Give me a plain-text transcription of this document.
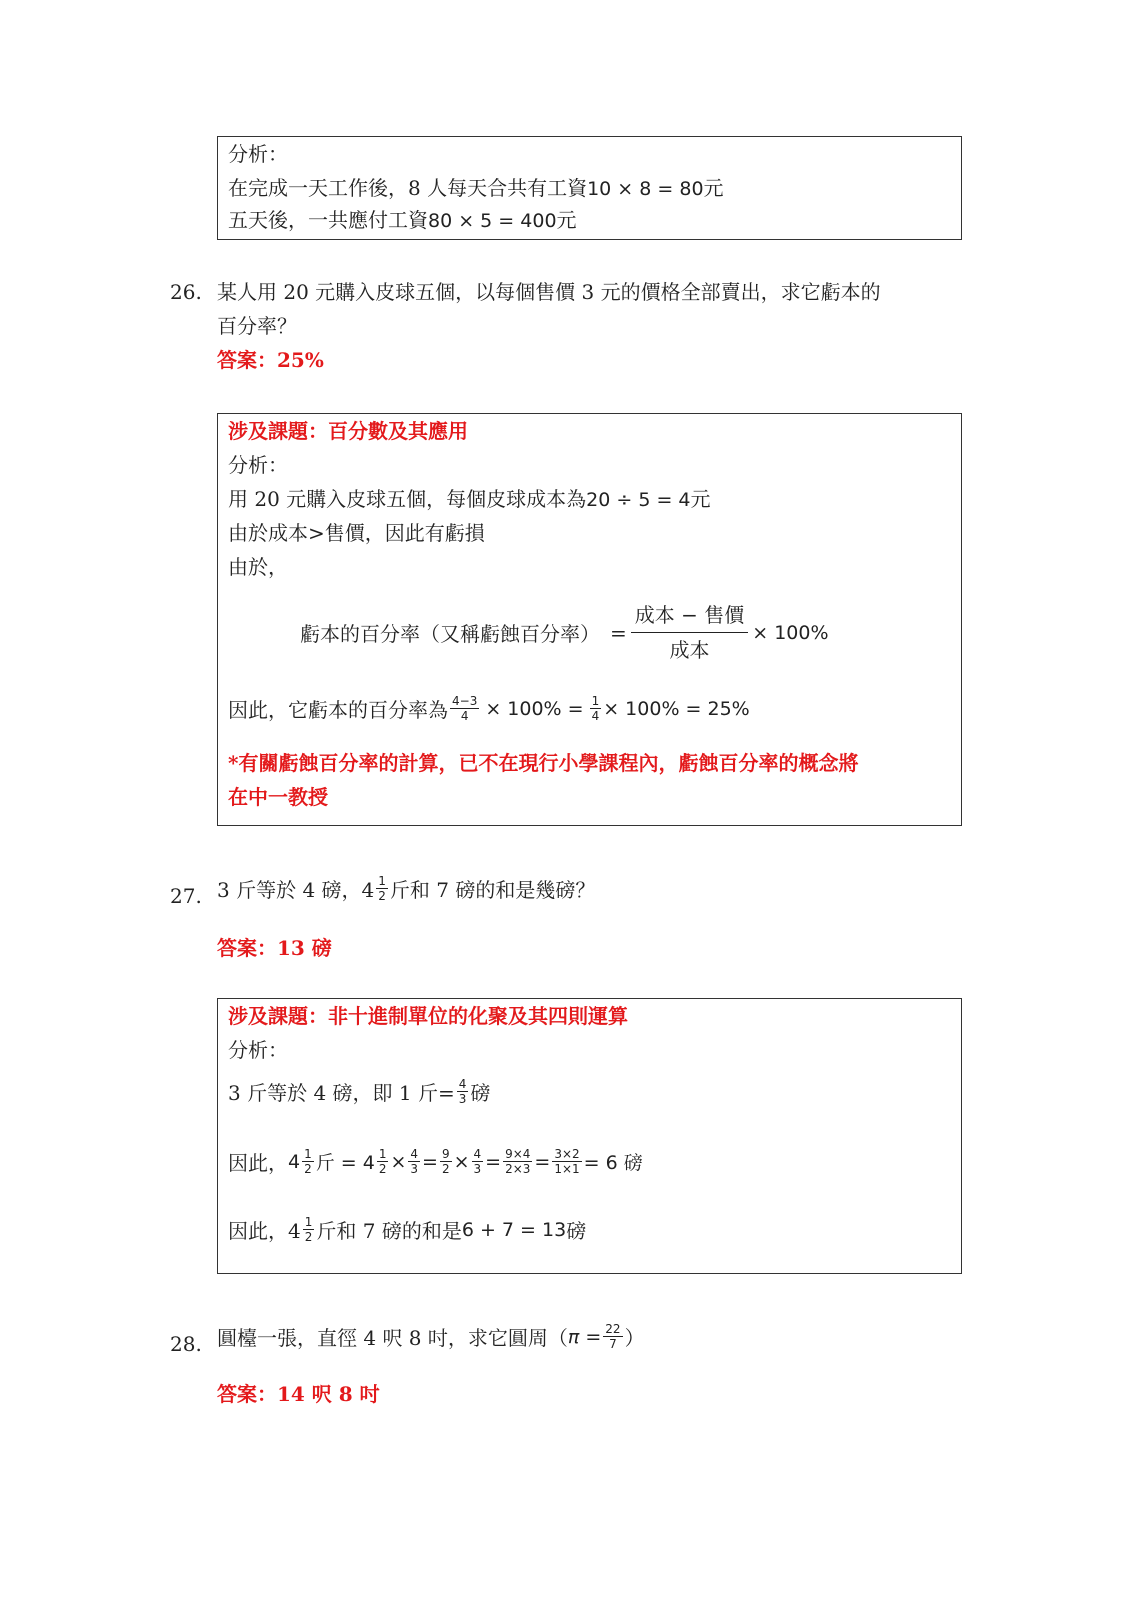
分析：
在完成一天工作後，8 人每天合共有工資10 × 8 = 80元
五天後，一共應付工資80 × 5 = 400元
26. 某人用 20 元購入皮球五個，以每個售價 3 元的價格全部賣出，求它虧本的
百分率？
答案：25%
涉及課題：百分數及其應用
分析：
用 20 元購入皮球五個，每個皮球成本為20 ÷ 5 = 4元
由於成本>售價，因此有虧損
由於，
虧本的百分率（又稱虧蝕百分率） =
成本 − 售價
成本
× 100%
因此，它虧本的百分率為 $\frac{4-3}{4} \times 100\% = \frac{1}{4} \times 100\% = 25\%$
*有關虧蝕百分率的計算，已不在現行小學課程內，虧蝕百分率的概念將
在中一教授
27. 3 斤等於 4 磅，$4 \frac{1}{2}$ 斤和 7 磅的和是幾磅？
答案：13 磅
涉及課題：非十進制單位的化聚及其四則運算
分析：
3 斤等於 4 磅，即 1 斤= $\frac{4}{3}$ 磅
因此， $4 \frac{1}{2}$ 斤 = $4 \frac{1}{2} \times \frac{4}{3} = \frac{9}{2} \times \frac{4}{3} = \frac{9\times 4}{2\times 3} = \frac{3\times 2}{1\times 1} = 6$ 磅
因此，$4 \frac{1}{2}$ 斤和 7 磅的和是 6 + 7 = 13 磅
28. 圓檯一張，直徑 4 呎 8 吋，求它圓周（ $\pi = \frac{22}{7}$ ）
答案：14 呎 8 吋
